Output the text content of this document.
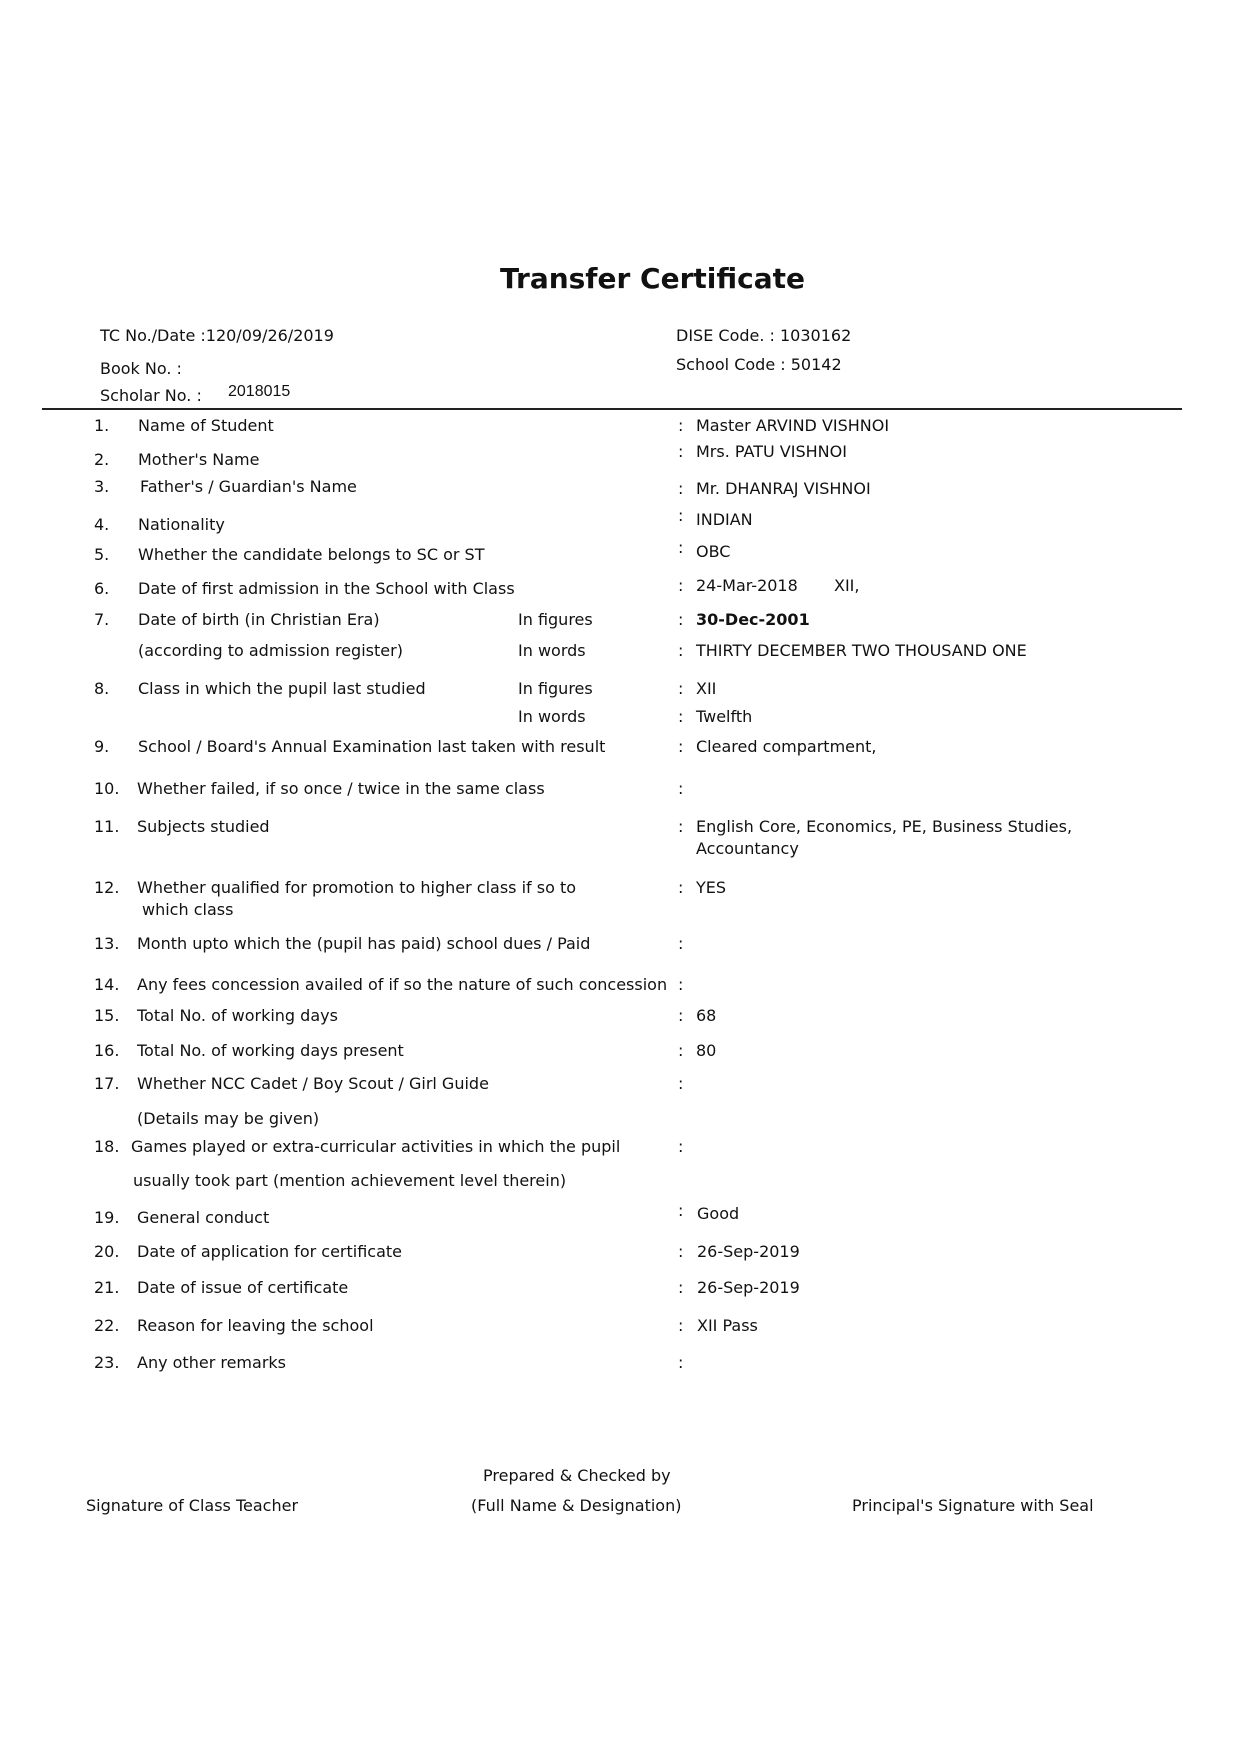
Transfer Certificate
TC No./Date :120/09/26/2019	DISE Code. : 1030162
Book No. :	School Code : 50142
Scholar No. : 2018015
1. Name of Student	: Master ARVIND VISHNOI
2. Mother's Name	: Mrs. PATU VISHNOI
3. Father's / Guardian's Name	: Mr. DHANRAJ VISHNOI
4. Nationality	: INDIAN
5. Whether the candidate belongs to SC or ST	: OBC
6. Date of first admission in the School with Class	: 24-Mar-2018 XII,
7. Date of birth (in Christian Era)	In figures	: 30-Dec-2001
(according to admission register)	In words	: THIRTY DECEMBER TWO THOUSAND ONE
8. Class in which the pupil last studied	In figures	: XII
In words	: Twelfth
9. School / Board's Annual Examination last taken with result	: Cleared compartment,
10. Whether failed, if so once / twice in the same class	:
11. Subjects studied	: English Core, Economics, PE, Business Studies,
Accountancy
12. Whether qualified for promotion to higher class if so to
which class
: YES
13. Month upto which the (pupil has paid) school dues / Paid	:
14. Any fees concession availed of if so the nature of such concession :
15. Total No. of working days	: 68
16. Total No. of working days present	: 80
17. Whether NCC Cadet / Boy Scout / Girl Guide
(Details may be given)
:
18. Games played or extra-curricular activities in which the pupil
usually took part (mention achievement level therein)
:
19. General conduct	: Good
20. Date of application for certificate	: 26-Sep-2019
21. Date of issue of certificate	: 26-Sep-2019
22. Reason for leaving the school	: XII Pass
23. Any other remarks	:
Prepared & Checked by
Signature of Class Teacher	(Full Name & Designation)	Principal's Signature with Seal
